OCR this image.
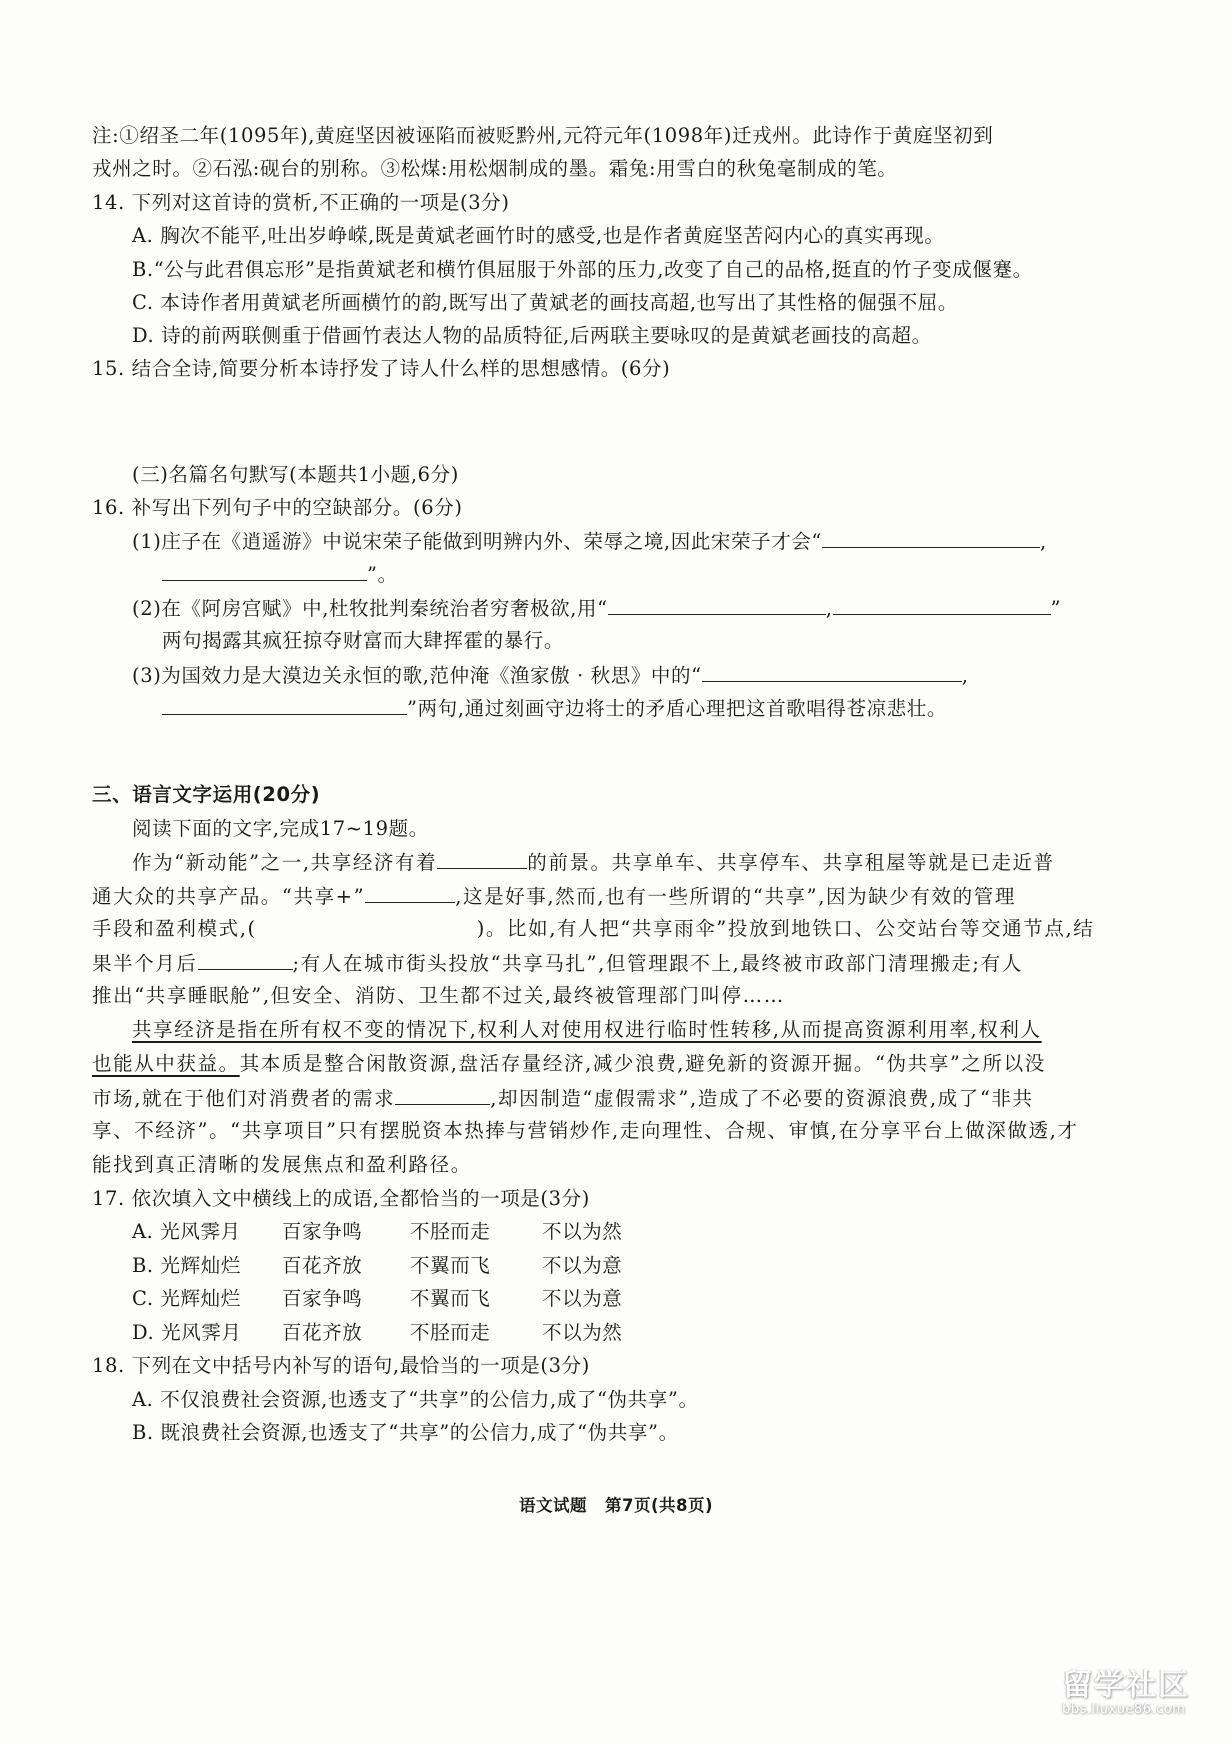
注:①绍圣二年(1095年),黄庭坚因被诬陷而被贬黔州,元符元年(1098年)迁戎州。此诗作于黄庭坚初到
戎州之时。②石泓:砚台的别称。③松煤:用松烟制成的墨。霜兔:用雪白的秋兔毫制成的笔。
14. 下列对这首诗的赏析,不正确的一项是(3分)
A. 胸次不能平,吐出岁峥嵘,既是黄斌老画竹时的感受,也是作者黄庭坚苦闷内心的真实再现。
B.“公与此君俱忘形”是指黄斌老和横竹俱屈服于外部的压力,改变了自己的品格,挺直的竹子变成偃蹇。
C. 本诗作者用黄斌老所画横竹的韵,既写出了黄斌老的画技高超,也写出了其性格的倔强不屈。
D. 诗的前两联侧重于借画竹表达人物的品质特征,后两联主要咏叹的是黄斌老画技的高超。
15. 结合全诗,简要分析本诗抒发了诗人什么样的思想感情。(6分)
(三)名篇名句默写(本题共1小题,6分)
16. 补写出下列句子中的空缺部分。(6分)
(1)庄子在《逍遥游》中说宋荣子能做到明辨内外、荣辱之境,因此宋荣子才会“	,
”。
(2)在《阿房宫赋》中,杜牧批判秦统治者穷奢极欲,用“	,	”
两句揭露其疯狂掠夺财富而大肆挥霍的暴行。
(3)为国效力是大漠边关永恒的歌,范仲淹《渔家傲 · 秋思》中的“	,
”两句,通过刻画守边将士的矛盾心理把这首歌唱得苍凉悲壮。
三、语言文字运用(20分)
阅读下面的文字,完成17~19题。
作为“新动能”之一,共享经济有着	的前景。共享单车、共享停车、共享租屋等就是已走近普
通大众的共享产品。“共享+”	,这是好事,然而,也有一些所谓的“共享”,因为缺少有效的管理
手段和盈利模式,(	)。比如,有人把“共享雨伞”投放到地铁口、公交站台等交通节点,结
果半个月后	;有人在城市街头投放“共享马扎”,但管理跟不上,最终被市政部门清理搬走;有人
推出“共享睡眠舱”,但安全、消防、卫生都不过关,最终被管理部门叫停……
共享经济是指在所有权不变的情况下,权利人对使用权进行临时性转移,从而提高资源利用率,权利人
也能从中获益。其本质是整合闲散资源,盘活存量经济,减少浪费,避免新的资源开掘。“伪共享”之所以没
市场,就在于他们对消费者的需求	,却因制造“虚假需求”,造成了不必要的资源浪费,成了“非共
享、不经济”。“共享项目”只有摆脱资本热捧与营销炒作,走向理性、合规、审慎,在分享平台上做深做透,才
能找到真正清晰的发展焦点和盈利路径。
17. 依次填入文中横线上的成语,全都恰当的一项是(3分)
A. 光风霁月 百家争鸣 不胫而走	不以为然
B. 光辉灿烂 百花齐放 不翼而飞	不以为意
C. 光辉灿烂 百家争鸣 不翼而飞	不以为意
D. 光风霁月 百花齐放 不胫而走	不以为然
18. 下列在文中括号内补写的语句,最恰当的一项是(3分)
A. 不仅浪费社会资源,也透支了“共享”的公信力,成了“伪共享”。
B. 既浪费社会资源,也透支了“共享”的公信力,成了“伪共享”。
语文试题 第7页(共8页)
留学社区
bbs.liuxue86.com
